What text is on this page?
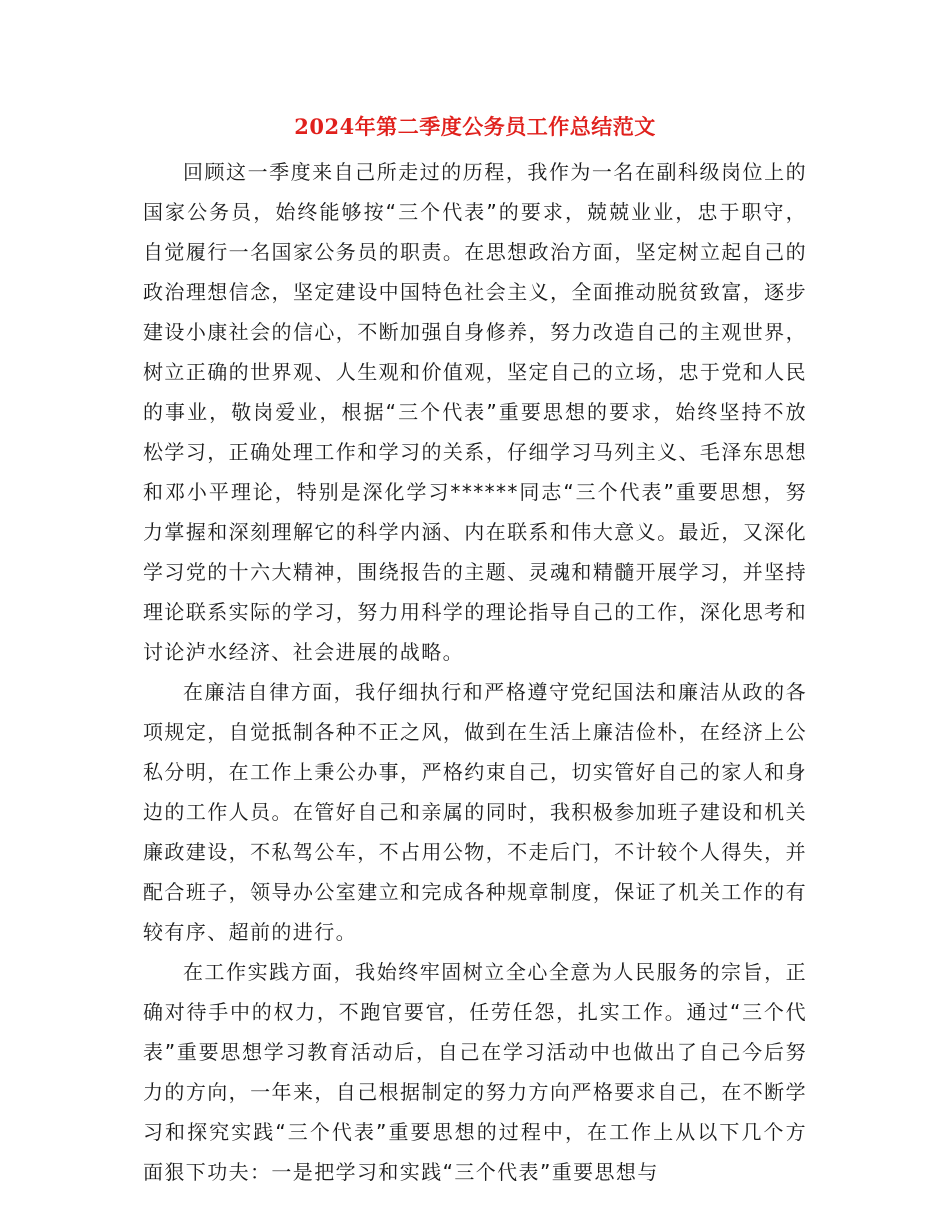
2024年第二季度公务员工作总结范文

回顾这一季度来自己所走过的历程，我作为一名在副科级岗位上的国家公务员，始终能够按“三个代表”的要求，兢兢业业，忠于职守，自觉履行一名国家公务员的职责。在思想政治方面，坚定树立起自己的政治理想信念，坚定建设中国特色社会主义，全面推动脱贫致富，逐步建设小康社会的信心，不断加强自身修养，努力改造自己的主观世界，树立正确的世界观、人生观和价值观，坚定自己的立场，忠于党和人民的事业，敬岗爱业，根据“三个代表”重要思想的要求，始终坚持不放松学习，正确处理工作和学习的关系，仔细学习马列主义、毛泽东思想和邓小平理论，特别是深化学习******同志“三个代表”重要思想，努力掌握和深刻理解它的科学内涵、内在联系和伟大意义。最近，又深化学习党的十六大精神，围绕报告的主题、灵魂和精髓开展学习，并坚持理论联系实际的学习，努力用科学的理论指导自己的工作，深化思考和讨论泸水经济、社会进展的战略。

在廉洁自律方面，我仔细执行和严格遵守党纪国法和廉洁从政的各项规定，自觉抵制各种不正之风，做到在生活上廉洁俭朴，在经济上公私分明，在工作上秉公办事，严格约束自己，切实管好自己的家人和身边的工作人员。在管好自己和亲属的同时，我积极参加班子建设和机关廉政建设，不私驾公车，不占用公物，不走后门，不计较个人得失，并配合班子，领导办公室建立和完成各种规章制度，保证了机关工作的有较有序、超前的进行。

在工作实践方面，我始终牢固树立全心全意为人民服务的宗旨，正确对待手中的权力，不跑官要官，任劳任怨，扎实工作。通过“三个代表”重要思想学习教育活动后，自己在学习活动中也做出了自己今后努力的方向，一年来，自己根据制定的努力方向严格要求自己，在不断学习和探究实践“三个代表”重要思想的过程中，在工作上从以下几个方面狠下功夫：一是把学习和实践“三个代表”重要思想与
